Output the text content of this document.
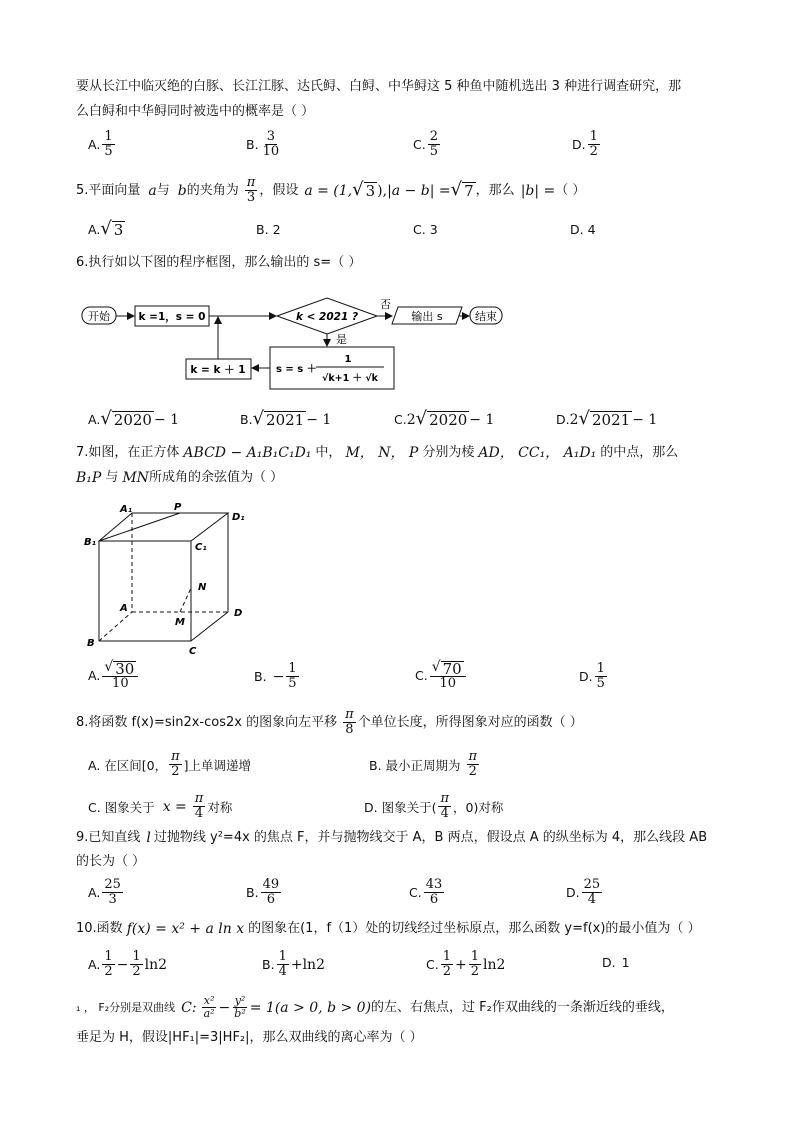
要从长江中临灭绝的白豚、长江江豚、达氏鲟、白鲟、中华鲟这 5 种鱼中随机选出 3 种进行调查研究，那
么白鲟和中华鲟同时被选中的概率是（ ）
A. $\frac{1}{5}$	B. $\frac{3}{10}$	C. $\frac{2}{5}$	D. $\frac{1}{2}$
5.平面向量 a 与 b 的夹角为 $\frac{\pi}{3}$ ，假设 a = (1, √ 3 ), |a − b| = √ 7 ，那么 |b| = （ ）
A. √ 3	B. 2	C. 3	D. 4
6.执行如以下图的程序框图，那么输出的 s=（ ）
开始	k =1，s = 0	k < 2021 ?
否
输出 s	结束
是
s = s ＋
1
√k+1 ＋ √k
k = k ＋ 1
A₁	P
D₁
B₁	C₁
N
A
M
D
B
C
A. √ 2020 − 1	B. √ 2021 − 1	C. 2 √ 2020 − 1	D. 2 √ 2021 − 1
7.如图，在正方体 ABCD − A₁B₁C₁D₁ 中， M， N， P 分别为棱 AD， CC₁， A₁D₁ 的中点，那么
B₁P 与 MN 所成角的余弦值为（ ）
A. $\frac{√ 30}{10}$	B. − $\frac{1}{5}$	C. $\frac{√ 70}{10}$	D. $\frac{1}{5}$
8.将函数 f(x)=sin2x-cos2x 的图象向左平移 $\frac{\pi}{8}$ 个单位长度，所得图象对应的函数（ ）
A. 在区间[0， $\frac{\pi}{2}$ ]上单调递增	B. 最小正周期为 $\frac{\pi}{2}$
C. 图象关于 $x = \frac{\pi}{4}$ 对称	D. 图象关于( $\frac{\pi}{4}$ ，0)对称
9.已知直线 l 过抛物线 y²=4x 的焦点 F，并与抛物线交于 A，B 两点，假设点 A 的纵坐标为 4，那么线段 AB
的长为（ ）
A. $\frac{25}{3}$	B. $\frac{49}{6}$	C. $\frac{43}{6}$	D. $\frac{25}{4}$
10.函数 f(x) = x² + a ln x 的图象在(1，f（1）处的切线经过坐标原点，那么函数 y=f(x)的最小值为（ ）
A. $\frac{1}{2} - \frac{1}{2} \ln 2$	B. $\frac{1}{4} + \ln 2$	C. $\frac{1}{2} + \frac{1}{2} \ln 2$	D. 1
₁ ， F₂分别是双曲线 C: $\frac{\text{x²}}{\text{a²}} - \frac{\text{y²}}{\text{b²}} = 1(a > 0$, b > 0) 的左、右焦点，过 F₂作双曲线的一条渐近线的垂线，
垂足为 H，假设|HF₁|=3|HF₂|，那么双曲线的离心率为（ ）
